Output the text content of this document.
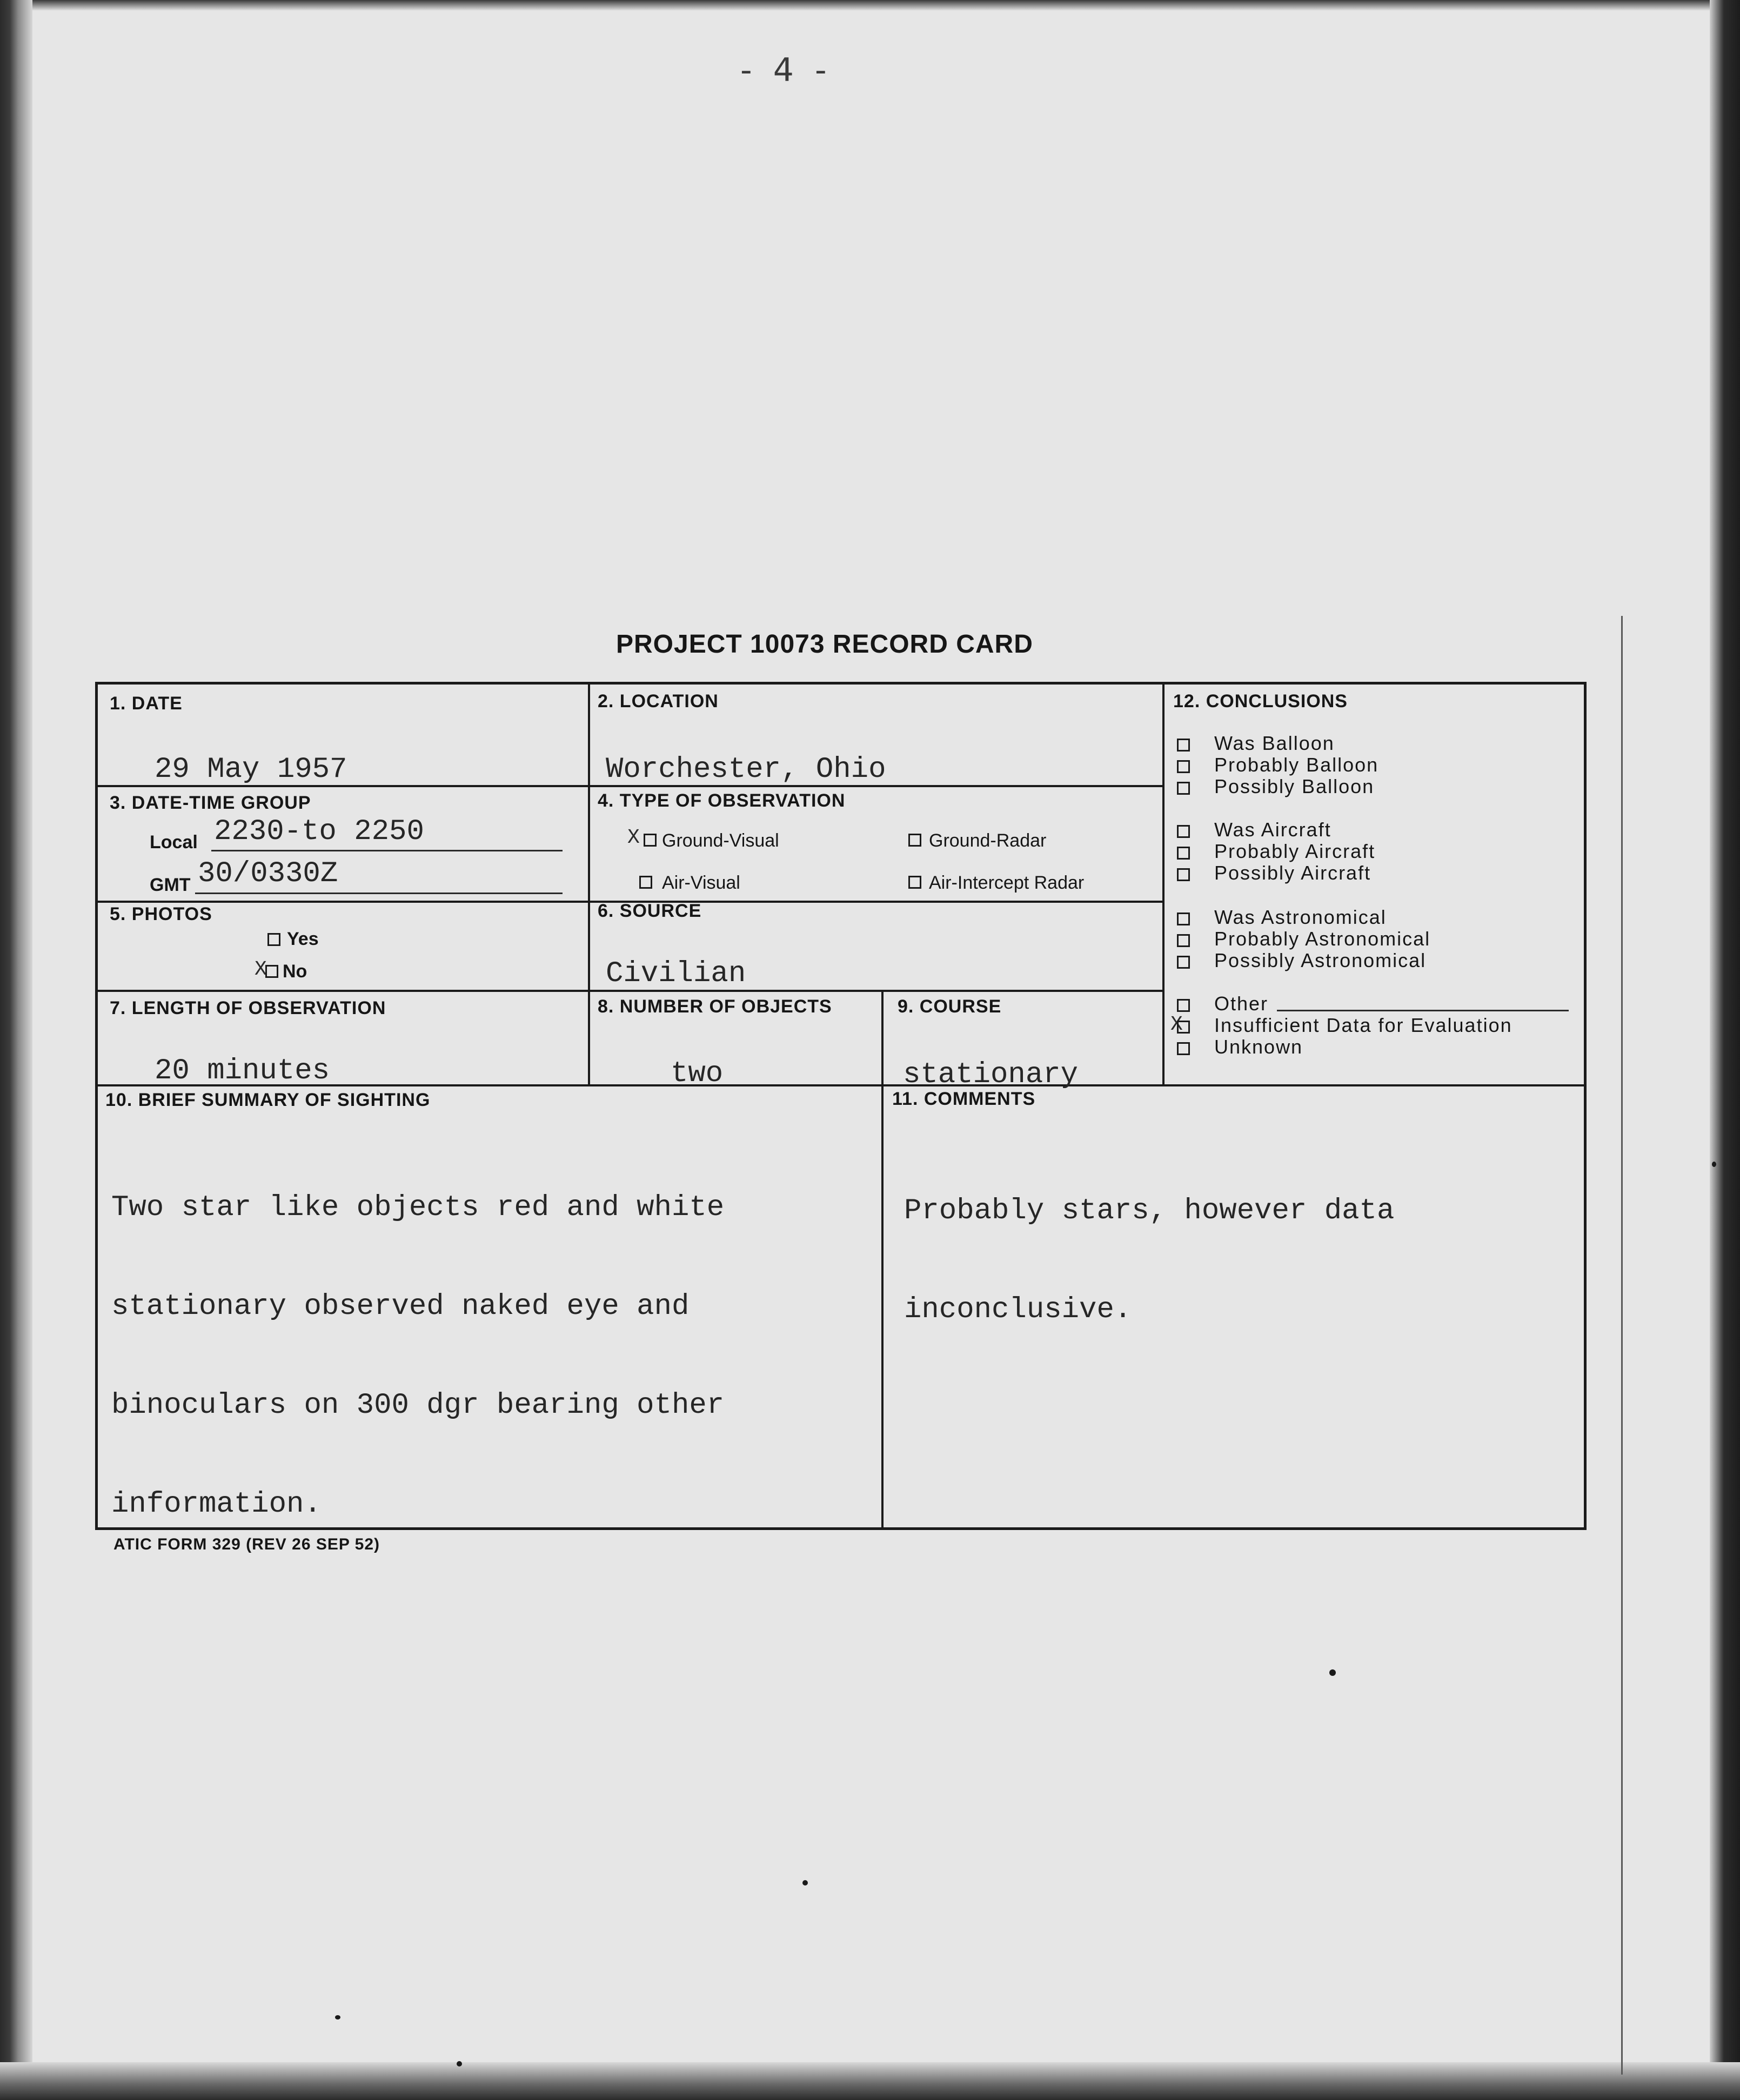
- 4 -
PROJECT 10073 RECORD CARD
1. DATE
29 May 1957
2. LOCATION
Worchester, Ohio
3. DATE-TIME GROUP
Local 2230-to 2250
GMT 30/0330Z
4. TYPE OF OBSERVATION
X Ground-Visual	Ground-Radar
Air-Visual	Air-Intercept Radar
5. PHOTOS
Yes
X No
6. SOURCE
Civilian
7. LENGTH OF OBSERVATION
20 minutes
8. NUMBER OF OBJECTS
two
9. COURSE
stationary
10. BRIEF SUMMARY OF SIGHTING

Two star like objects red and white

stationary observed naked eye and

binoculars on 300 dgr bearing other

information.

11. COMMENTS

Probably stars, however data

inconclusive.

12. CONCLUSIONS
Was Balloon
Probably Balloon
Possibly Balloon
Was Aircraft
Probably Aircraft
Possibly Aircraft
Was Astronomical
Probably Astronomical
Possibly Astronomical
Other
X Insufficient Data for Evaluation
Unknown
ATIC FORM 329 (REV 26 SEP 52)
